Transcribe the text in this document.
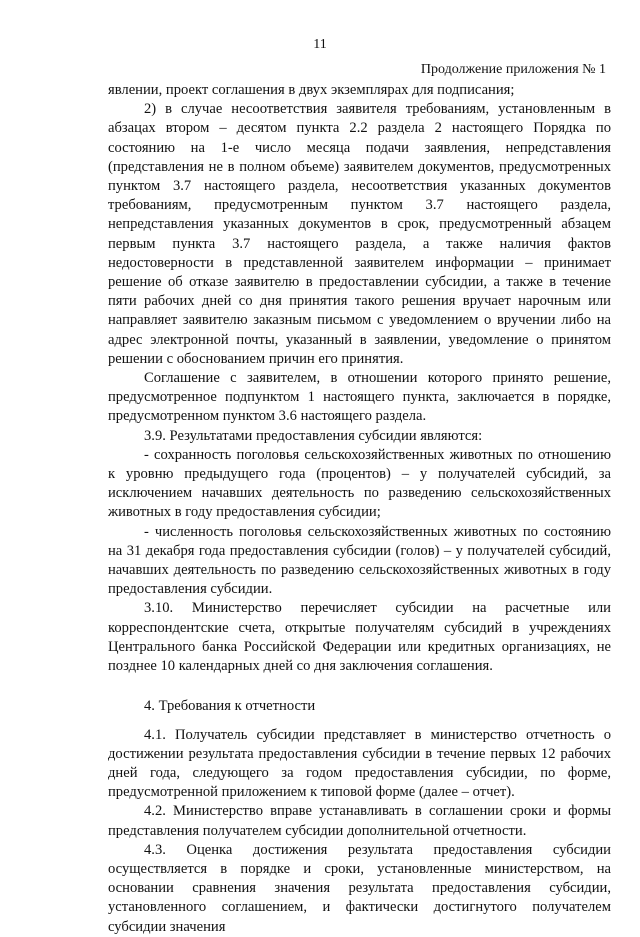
11
Продолжение приложения № 1

явлении, проект соглашения в двух экземплярах для подписания;

2) в случае несоответствия заявителя требованиям, установленным в абзацах втором – десятом пункта 2.2 раздела 2 настоящего Порядка по состоянию на 1-е число месяца подачи заявления, непредставления (представления не в полном объеме) заявителем документов, предусмотренных пунктом 3.7 настоящего раздела, несоответствия указанных документов требованиям, предусмотренным пунктом 3.7 настоящего раздела, непредставления указанных документов в срок, предусмотренный абзацем первым пункта 3.7 настоящего раздела, а также наличия фактов недостоверности в представленной заявителем информации – принимает решение об отказе заявителю в предоставлении субсидии, а также в течение пяти рабочих дней со дня принятия такого решения вручает нарочным или направляет заявителю заказным письмом с уведомлением о вручении либо на адрес электронной почты, указанный в заявлении, уведомление о принятом решении с обоснованием причин его принятия.

Соглашение с заявителем, в отношении которого принято решение, предусмотренное подпунктом 1 настоящего пункта, заключается в порядке, предусмотренном пунктом 3.6 настоящего раздела.

3.9. Результатами предоставления субсидии являются:

- сохранность поголовья сельскохозяйственных животных по отношению к уровню предыдущего года (процентов) – у получателей субсидий, за исключением начавших деятельность по разведению сельскохозяйственных животных в году предоставления субсидии;

- численность поголовья сельскохозяйственных животных по состоянию на 31 декабря года предоставления субсидии (голов) – у получателей субсидий, начавших деятельность по разведению сельскохозяйственных животных в году предоставления субсидии.

3.10. Министерство перечисляет субсидии на расчетные или корреспондентские счета, открытые получателям субсидий в учреждениях Центрального банка Российской Федерации или кредитных организациях, не позднее 10 календарных дней со дня заключения соглашения.

4. Требования к отчетности

4.1. Получатель субсидии представляет в министерство отчетность о достижении результата предоставления субсидии в течение первых 12 рабочих дней года, следующего за годом предоставления субсидии, по форме, предусмотренной приложением к типовой форме (далее – отчет).

4.2. Министерство вправе устанавливать в соглашении сроки и формы представления получателем субсидии дополнительной отчетности.

4.3. Оценка достижения результата предоставления субсидии осуществляется в порядке и сроки, установленные министерством, на основании сравнения значения результата предоставления субсидии, установленного соглашением, и фактически достигнутого получателем субсидии значения
